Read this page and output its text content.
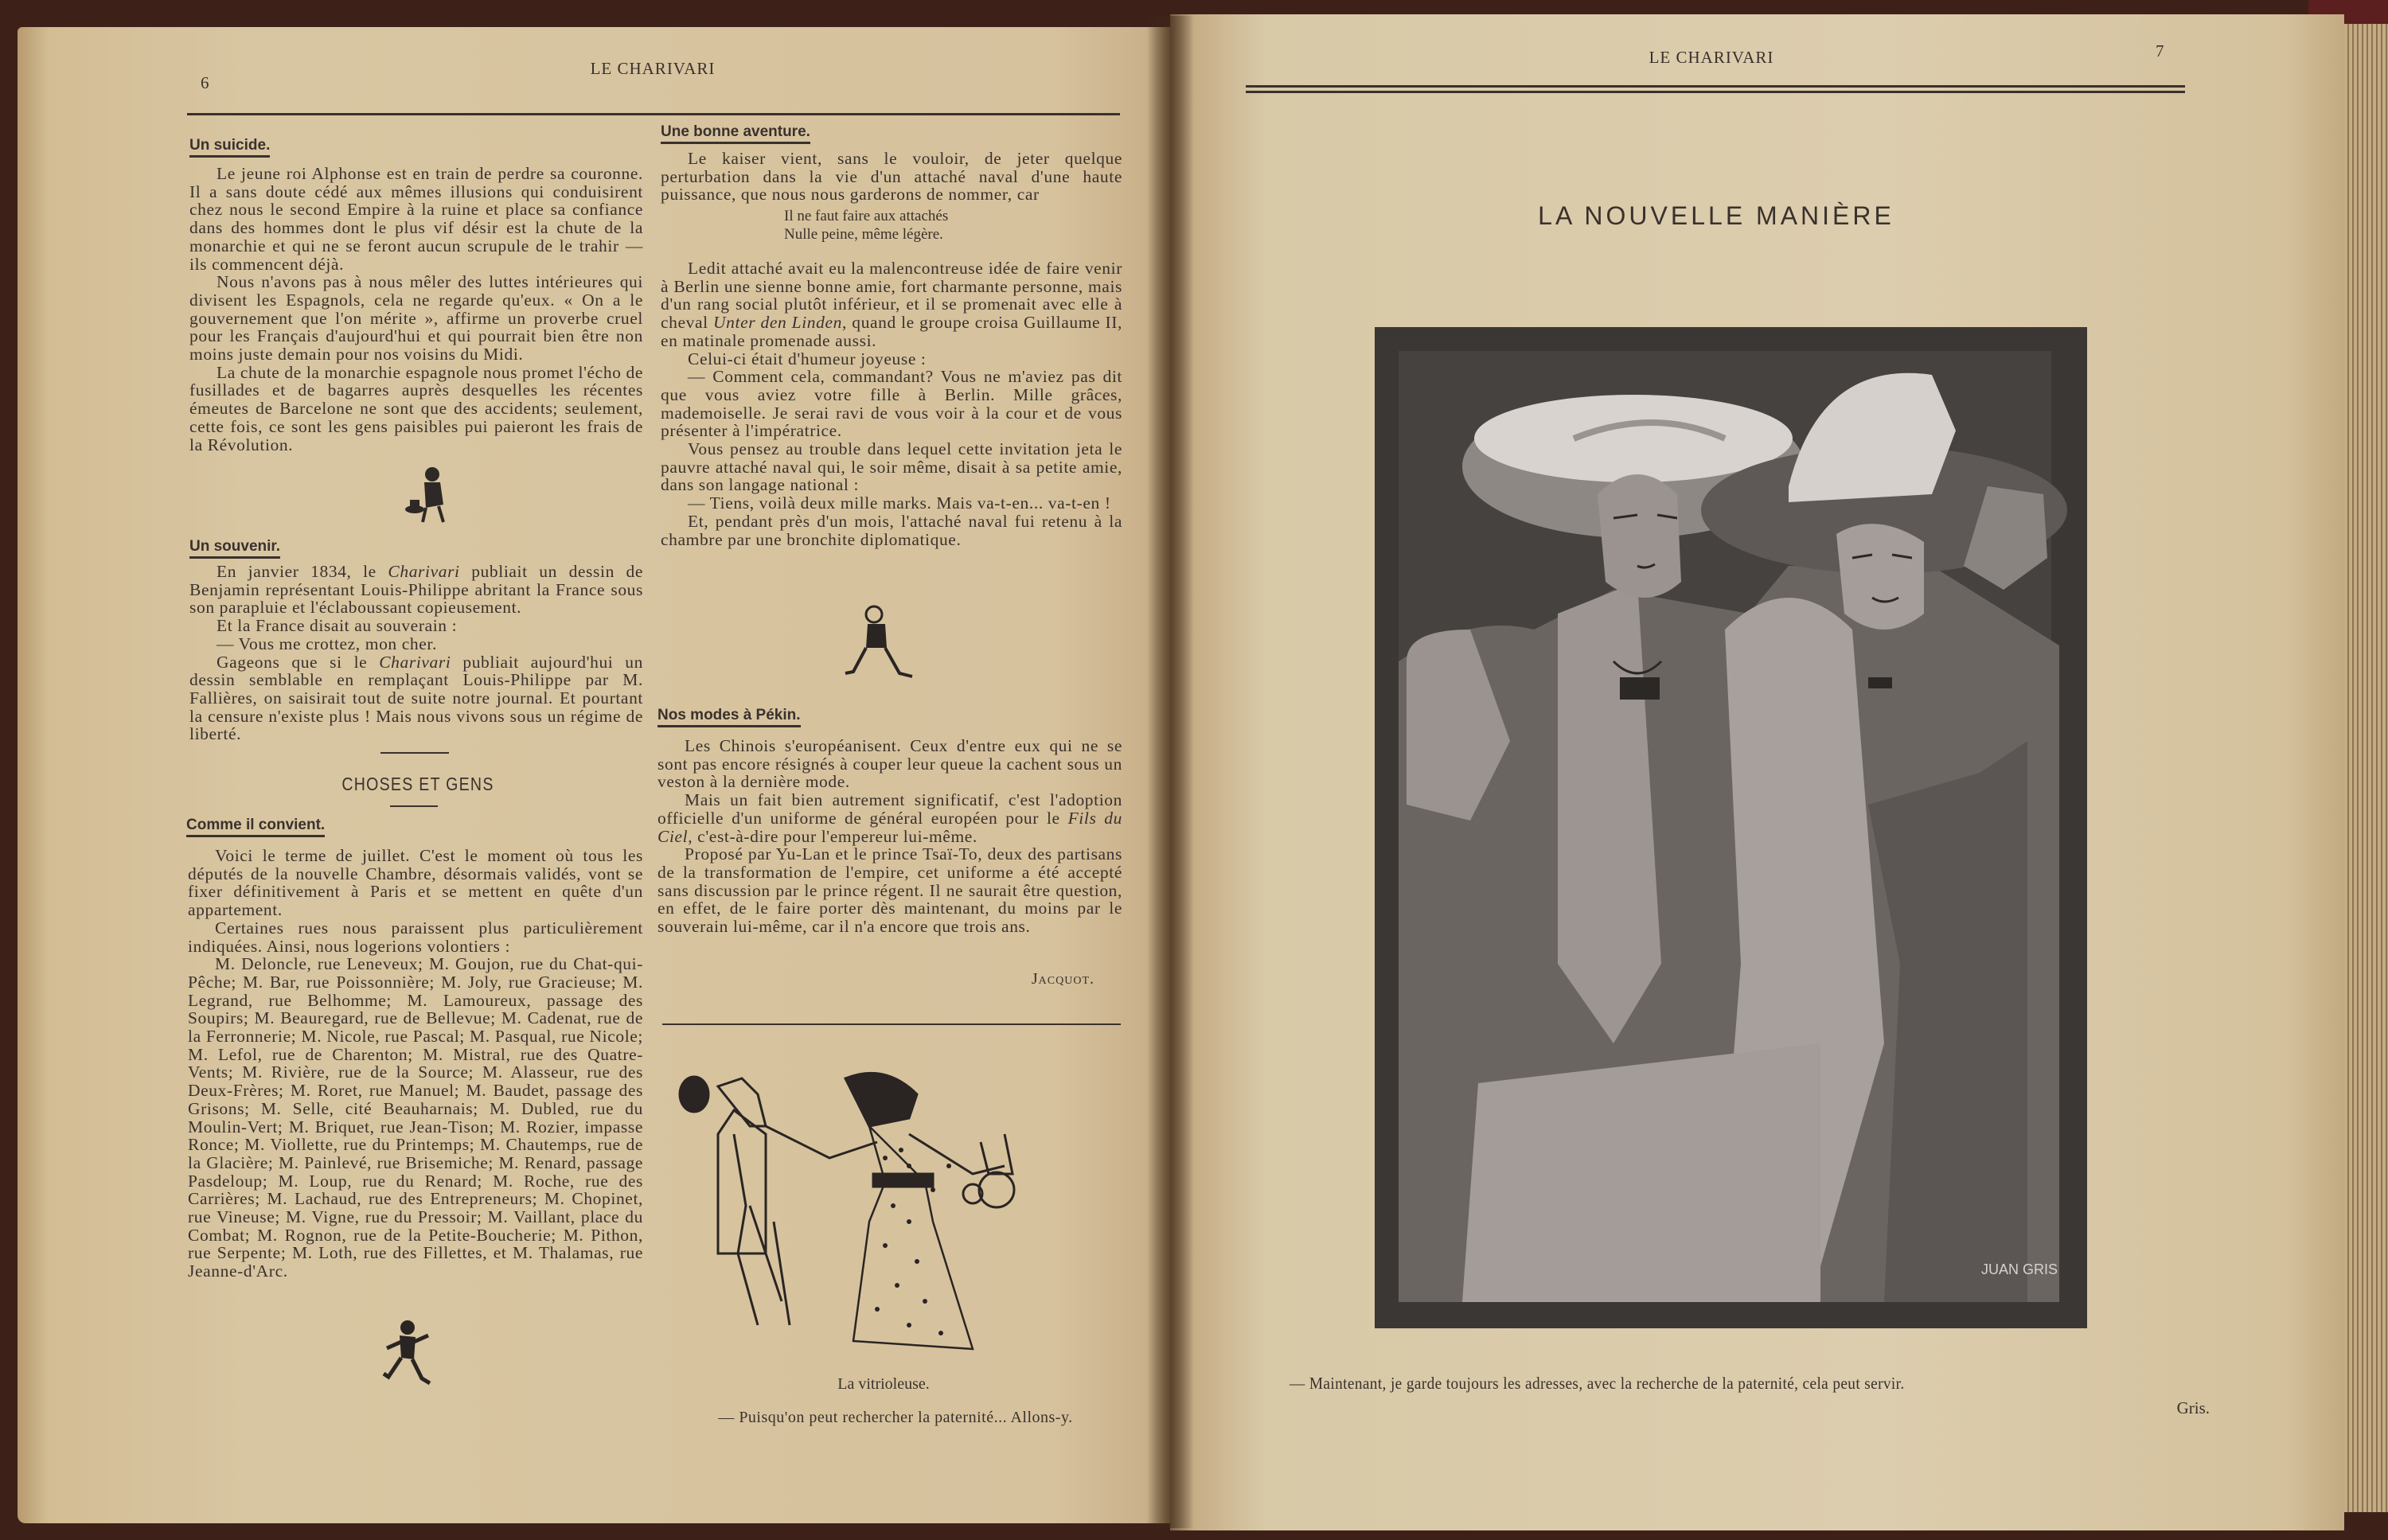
6
LE CHARIVARI
Un suicide.

Le jeune roi Alphonse est en train de perdre sa couronne. Il a sans doute cédé aux mêmes illusions qui conduisirent chez nous le second Empire à la ruine et place sa confiance dans des hommes dont le plus vif désir est la chute de la monarchie et qui ne se feront aucun scrupule de le trahir — ils commencent déjà.

Nous n'avons pas à nous mêler des luttes intérieures qui divisent les Espagnols, cela ne regarde qu'eux. « On a le gouvernement que l'on mérite », affirme un proverbe cruel pour les Français d'aujourd'hui et qui pourrait bien être non moins juste demain pour nos voisins du Midi.

La chute de la monarchie espagnole nous promet l'écho de fusillades et de bagarres auprès desquelles les récentes émeutes de Barcelone ne sont que des accidents; seulement, cette fois, ce sont les gens paisibles pui paieront les frais de la Révolution.

Un souvenir.

En janvier 1834, le Charivari publiait un dessin de Benjamin représentant Louis-Philippe abritant la France sous son parapluie et l'éclaboussant copieusement.

Et la France disait au souverain :

— Vous me crottez, mon cher.

Gageons que si le Charivari publiait aujourd'hui un dessin semblable en remplaçant Louis-Philippe par M. Fallières, on saisirait tout de suite notre journal. Et pourtant la censure n'existe plus ! Mais nous vivons sous un régime de liberté.

CHOSES ET GENS
Comme il convient.

Voici le terme de juillet. C'est le moment où tous les députés de la nouvelle Chambre, désormais validés, vont se fixer définitivement à Paris et se mettent en quête d'un appartement.

Certaines rues nous paraissent plus particulièrement indiquées. Ainsi, nous logerions volontiers :

M. Deloncle, rue Leneveux; M. Goujon, rue du Chat-qui-Pêche; M. Bar, rue Poissonnière; M. Joly, rue Gracieuse; M. Legrand, rue Belhomme; M. Lamoureux, passage des Soupirs; M. Beauregard, rue de Bellevue; M. Cadenat, rue de la Ferronnerie; M. Nicole, rue Pascal; M. Pasqual, rue Nicole; M. Lefol, rue de Charenton; M. Mistral, rue des Quatre-Vents; M. Rivière, rue de la Source; M. Alasseur, rue des Deux-Frères; M. Roret, rue Manuel; M. Baudet, passage des Grisons; M. Selle, cité Beauharnais; M. Dubled, rue du Moulin-Vert; M. Briquet, rue Jean-Tison; M. Rozier, impasse Ronce; M. Viollette, rue du Printemps; M. Chautemps, rue de la Glacière; M. Painlevé, rue Brisemiche; M. Renard, passage Pasdeloup; M. Loup, rue du Renard; M. Roche, rue des Carrières; M. Lachaud, rue des Entrepreneurs; M. Chopinet, rue Vineuse; M. Vigne, rue du Pressoir; M. Vaillant, place du Combat; M. Rognon, rue de la Petite-Boucherie; M. Pithon, rue Serpente; M. Loth, rue des Fillettes, et M. Thalamas, rue Jeanne-d'Arc.

Une bonne aventure.

Le kaiser vient, sans le vouloir, de jeter quelque perturbation dans la vie d'un attaché naval d'une haute puissance, que nous nous garderons de nommer, car

Il ne faut faire aux attachés
Nulle peine, même légère.

Ledit attaché avait eu la malencontreuse idée de faire venir à Berlin une sienne bonne amie, fort charmante personne, mais d'un rang social plutôt inférieur, et il se promenait avec elle à cheval Unter den Linden, quand le groupe croisa Guillaume II, en matinale promenade aussi.

Celui-ci était d'humeur joyeuse :

— Comment cela, commandant? Vous ne m'aviez pas dit que vous aviez votre fille à Berlin. Mille grâces, mademoiselle. Je serai ravi de vous voir à la cour et de vous présenter à l'impératrice.

Vous pensez au trouble dans lequel cette invitation jeta le pauvre attaché naval qui, le soir même, disait à sa petite amie, dans son langage national :

— Tiens, voilà deux mille marks. Mais va-t-en... va-t-en !

Et, pendant près d'un mois, l'attaché naval fui retenu à la chambre par une bronchite diplomatique.

Nos modes à Pékin.

Les Chinois s'européanisent. Ceux d'entre eux qui ne se sont pas encore résignés à couper leur queue la cachent sous un veston à la dernière mode.

Mais un fait bien autrement significatif, c'est l'adoption officielle d'un uniforme de général européen pour le Fils du Ciel, c'est-à-dire pour l'empereur lui-même.

Proposé par Yu-Lan et le prince Tsaï-To, deux des partisans de la transformation de l'empire, cet uniforme a été accepté sans discussion par le prince régent. Il ne saurait être question, en effet, de le faire porter dès maintenant, du moins par le souverain lui-même, car il n'a encore que trois ans.

Jacquot.
La vitrioleuse.
— Puisqu'on peut rechercher la paternité... Allons-y.
LE CHARIVARI	7
LA NOUVELLE MANIÈRE
JUAN GRIS
— Maintenant, je garde toujours les adresses, avec la recherche de la paternité, cela peut servir.
Gris.
